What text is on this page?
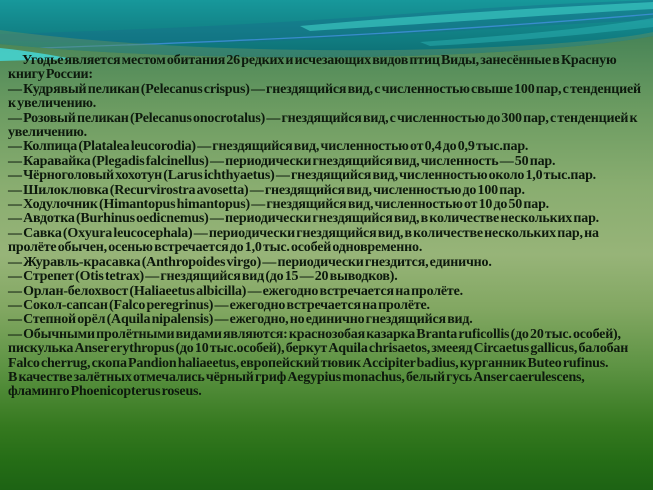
Угодье является местом обитания 26 редких и исчезающих видов птиц Виды, занесённые в Красную книгу России:

— Кудрявый пеликан (Pelecanus crispus) — гнездящийся вид, с численностью свыше 100 пар, с тенденцией к увеличению.

— Розовый пеликан (Pelecanus onocrotalus) — гнездящийся вид, с численностью до 300 пар, с тенденцией к увеличению.

— Колпица (Platalea leucorodia) — гнездящийся вид, численностью от 0,4 до 0,9 тыс.пар.

— Каравайка (Plegadis falcinellus) — периодически гнездящийся вид, численность — 50 пар.

— Чёрноголовый хохотун (Larus ichthyaetus) — гнездящийся вид, численностью около 1,0 тыс.пар.

— Шилоклювка (Recurvirostra avosetta) — гнездящийся вид, численностью до 100 пар.

— Ходулочник (Himantopus himantopus) — гнездящийся вид, численностью от 10 до 50 пар.

— Авдотка (Burhinus oedicnemus) — периодически гнездящийся вид, в количестве нескольких пар.

— Савка (Oxyura leucocephala) — периодически гнездящийся вид, в количестве нескольких пар, на пролёте обычен, осенью встречается до 1,0 тыс. особей одновременно.

— Журавль-красавка (Anthropoides virgo) — периодически гнездится, единично.

— Стрепет (Otis tetrax) — гнездящийся вид (до 15 — 20 выводков).

— Орлан-белохвост (Haliaeetus albicilla) — ежегодно встречается на пролёте.

— Сокол-сапсан (Falco peregrinus) — ежегодно встречается на пролёте.

— Степной орёл (Aquila nipalensis) — ежегодно, но единично гнездящийся вид.

— Обычными пролётными видами являются: краснозобая казарка Branta ruficollis (до 20 тыс. особей), пискулька Anser erythropus (до 10 тыс.особей), беркут Aquila chrisaetos, змееяд Circaetus gallicus, балобан Falco cherrug, скопа Pandion haliaeetus, европейский тювик Accipiter badius, курганник Buteo rufinus.

В качестве залётных отмечались чёрный гриф Aegypius monachus, белый гусь Anser caerulescens, фламинго Phoenicopterus roseus.
